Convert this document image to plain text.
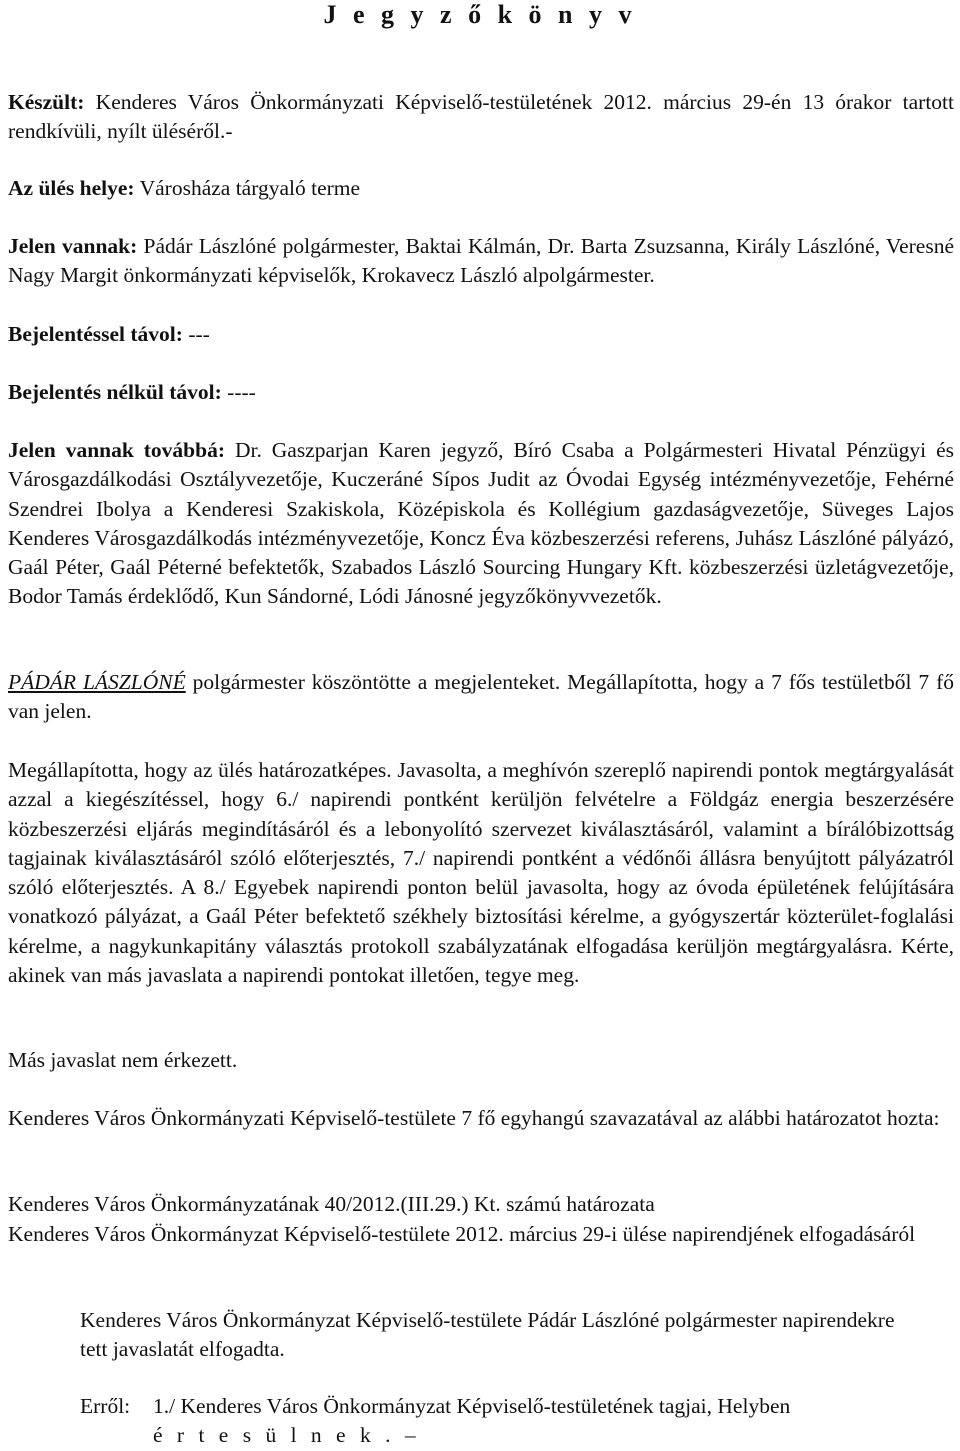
J e g y z ő k ö n y v

Készült: Kenderes Város Önkormányzati Képviselő-testületének 2012. március 29-én 13 órakor tartott rendkívüli, nyílt üléséről.-

Az ülés helye: Városháza tárgyaló terme

Jelen vannak: Pádár Lászlóné polgármester, Baktai Kálmán, Dr. Barta Zsuzsanna, Király Lászlóné, Veresné Nagy Margit önkormányzati képviselők, Krokavecz László alpolgármester.

Bejelentéssel távol: ---

Bejelentés nélkül távol: ----

Jelen vannak továbbá: Dr. Gaszparjan Karen jegyző, Bíró Csaba a Polgármesteri Hivatal Pénzügyi és Városgazdálkodási Osztályvezetője, Kuczeráné Sípos Judit az Óvodai Egység intézményvezetője, Fehérné Szendrei Ibolya a Kenderesi Szakiskola, Középiskola és Kollégium gazdaságvezetője, Süveges Lajos Kenderes Városgazdálkodás intézményvezetője, Koncz Éva közbeszerzési referens, Juhász Lászlóné pályázó, Gaál Péter, Gaál Péterné befektetők, Szabados László Sourcing Hungary Kft. közbeszerzési üzletágvezetője, Bodor Tamás érdeklődő, Kun Sándorné, Lódi Jánosné jegyzőkönyvvezetők.

PÁDÁR LÁSZLÓNÉ polgármester köszöntötte a megjelenteket. Megállapította, hogy a 7 fős testületből 7 fő van jelen.

Megállapította, hogy az ülés határozatképes. Javasolta, a meghívón szereplő napirendi pontok megtárgyalását azzal a kiegészítéssel, hogy 6./ napirendi pontként kerüljön felvételre a Földgáz energia beszerzésére közbeszerzési eljárás megindításáról és a lebonyolító szervezet kiválasztásáról, valamint a bírálóbizottság tagjainak kiválasztásáról szóló előterjesztés, 7./ napirendi pontként a védőnői állásra benyújtott pályázatról szóló előterjesztés. A 8./ Egyebek napirendi ponton belül javasolta, hogy az óvoda épületének felújítására vonatkozó pályázat, a Gaál Péter befektető székhely biztosítási kérelme, a gyógyszertár közterület-foglalási kérelme, a nagykunkapitány választás protokoll szabályzatának elfogadása kerüljön megtárgyalásra. Kérte, akinek van más javaslata a napirendi pontokat illetően, tegye meg.

Más javaslat nem érkezett.

Kenderes Város Önkormányzati Képviselő-testülete 7 fő egyhangú szavazatával az alábbi határozatot hozta:

Kenderes Város Önkormányzatának 40/2012.(III.29.) Kt. számú határozata

Kenderes Város Önkormányzat Képviselő-testülete 2012. március 29-i ülése napirendjének elfogadásáról

Kenderes Város Önkormányzat Képviselő-testülete Pádár Lászlóné polgármester napirendekre tett javaslatát elfogadta.

Erről: 1./ Kenderes Város Önkormányzat Képviselő-testületének tagjai, Helyben
é r t e s ü l n e k . –
